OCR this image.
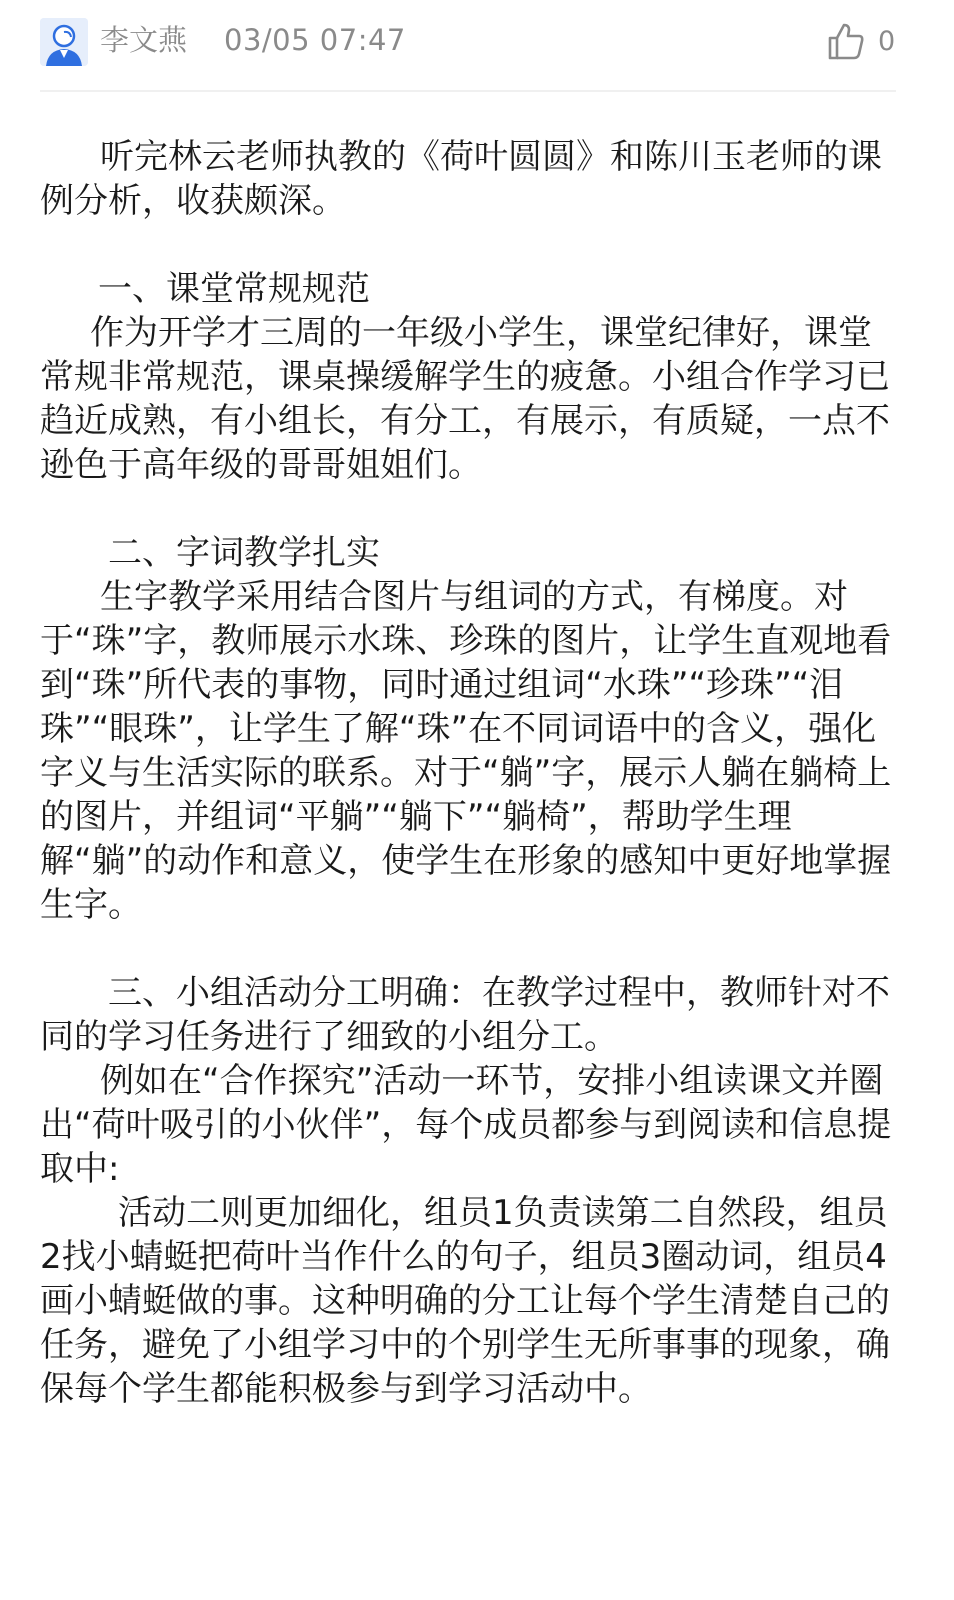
李文燕 03/05 07:47	0

听完林云老师执教的《荷叶圆圆》和陈川玉老师的课例分析，收获颇深。

一、课堂常规规范

作为开学才三周的一年级小学生，课堂纪律好，课堂常规非常规范，课桌操缓解学生的疲惫。小组合作学习已趋近成熟，有小组长，有分工，有展示，有质疑，一点不逊色于高年级的哥哥姐姐们。

二、字词教学扎实

生字教学采用结合图片与组词的方式，有梯度。对于“珠”字，教师展示水珠、珍珠的图片，让学生直观地看到“珠”所代表的事物，同时通过组词“水珠”“珍珠”“泪珠”“眼珠”，让学生了解“珠”在不同词语中的含义，强化字义与生活实际的联系。对于“躺”字，展示人躺在躺椅上的图片，并组词“平躺”“躺下”“躺椅”，帮助学生理解“躺”的动作和意义，使学生在形象的感知中更好地掌握生字。

三、小组活动分工明确：在教学过程中，教师针对不同的学习任务进行了细致的小组分工。

例如在“合作探究”活动一环节，安排小组读课文并圈出“荷叶吸引的小伙伴”，每个成员都参与到阅读和信息提取中:

活动二则更加细化，组员1负责读第二自然段，组员2找小蜻蜓把荷叶当作什么的句子，组员3圈动词，组员4画小蜻蜓做的事。这种明确的分工让每个学生清楚自己的任务，避免了小组学习中的个别学生无所事事的现象，确保每个学生都能积极参与到学习活动中。
